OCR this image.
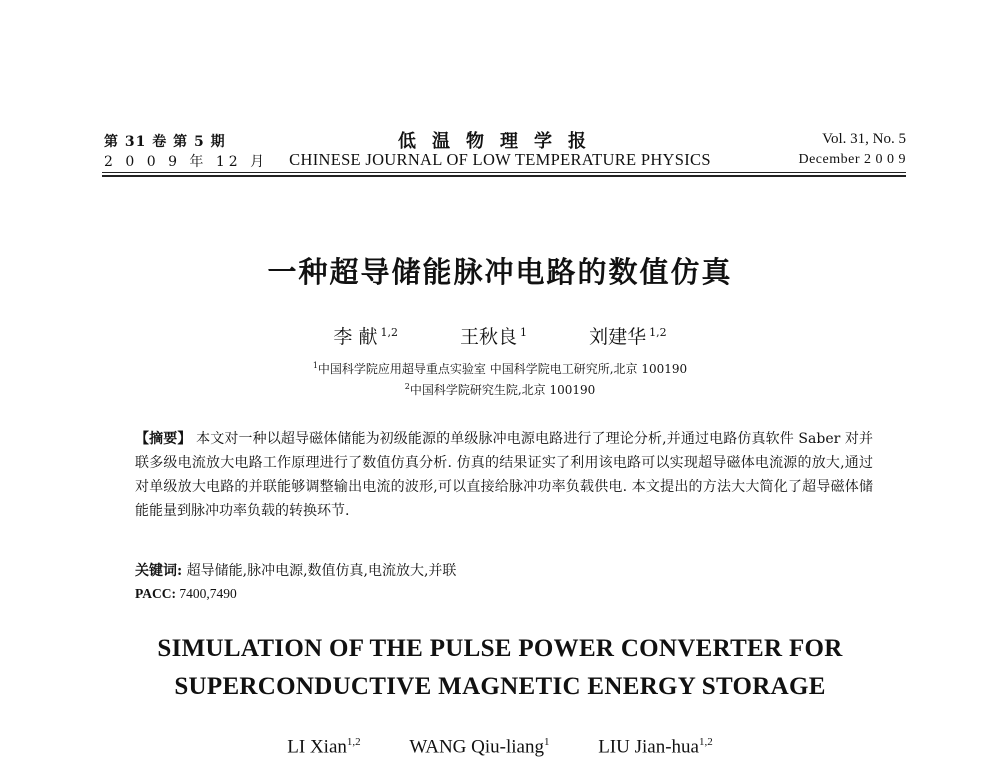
第 31 卷 第 5 期
2 0 0 9 年 12 月
低温物理学报
CHINESE JOURNAL OF LOW TEMPERATURE PHYSICS
Vol. 31, No. 5
December 2 0 0 9
一种超导储能脉冲电路的数值仿真
李 献 $^{1,2}$	王秋良 $^1$	刘建华 $^{1,2}$
$^1$中国科学院应用超导重点实验室 中国科学院电工研究所,北京 100190
$^2$中国科学院研究生院,北京 100190
【摘要】 本文对一种以超导磁体储能为初级能源的单级脉冲电源电路进行了理论分析,并通过电路仿真软件 Saber 对并联多级电流放大电路工作原理进行了数值仿真分析. 仿真的结果证实了利用该电路可以实现超导磁体电流源的放大,通过对单级放大电路的并联能够调整输出电流的波形,可以直接给脉冲功率负载供电. 本文提出的方法大大简化了超导磁体储能能量到脉冲功率负载的转换环节.
关键词: 超导储能,脉冲电源,数值仿真,电流放大,并联
PACC: 7400,7490
SIMULATION OF THE PULSE POWER CONVERTER FOR
SUPERCONDUCTIVE MAGNETIC ENERGY STORAGE
LI Xian$^{1,2}$	WANG Qiu-liang$^1$	LIU Jian-hua$^{1,2}$
